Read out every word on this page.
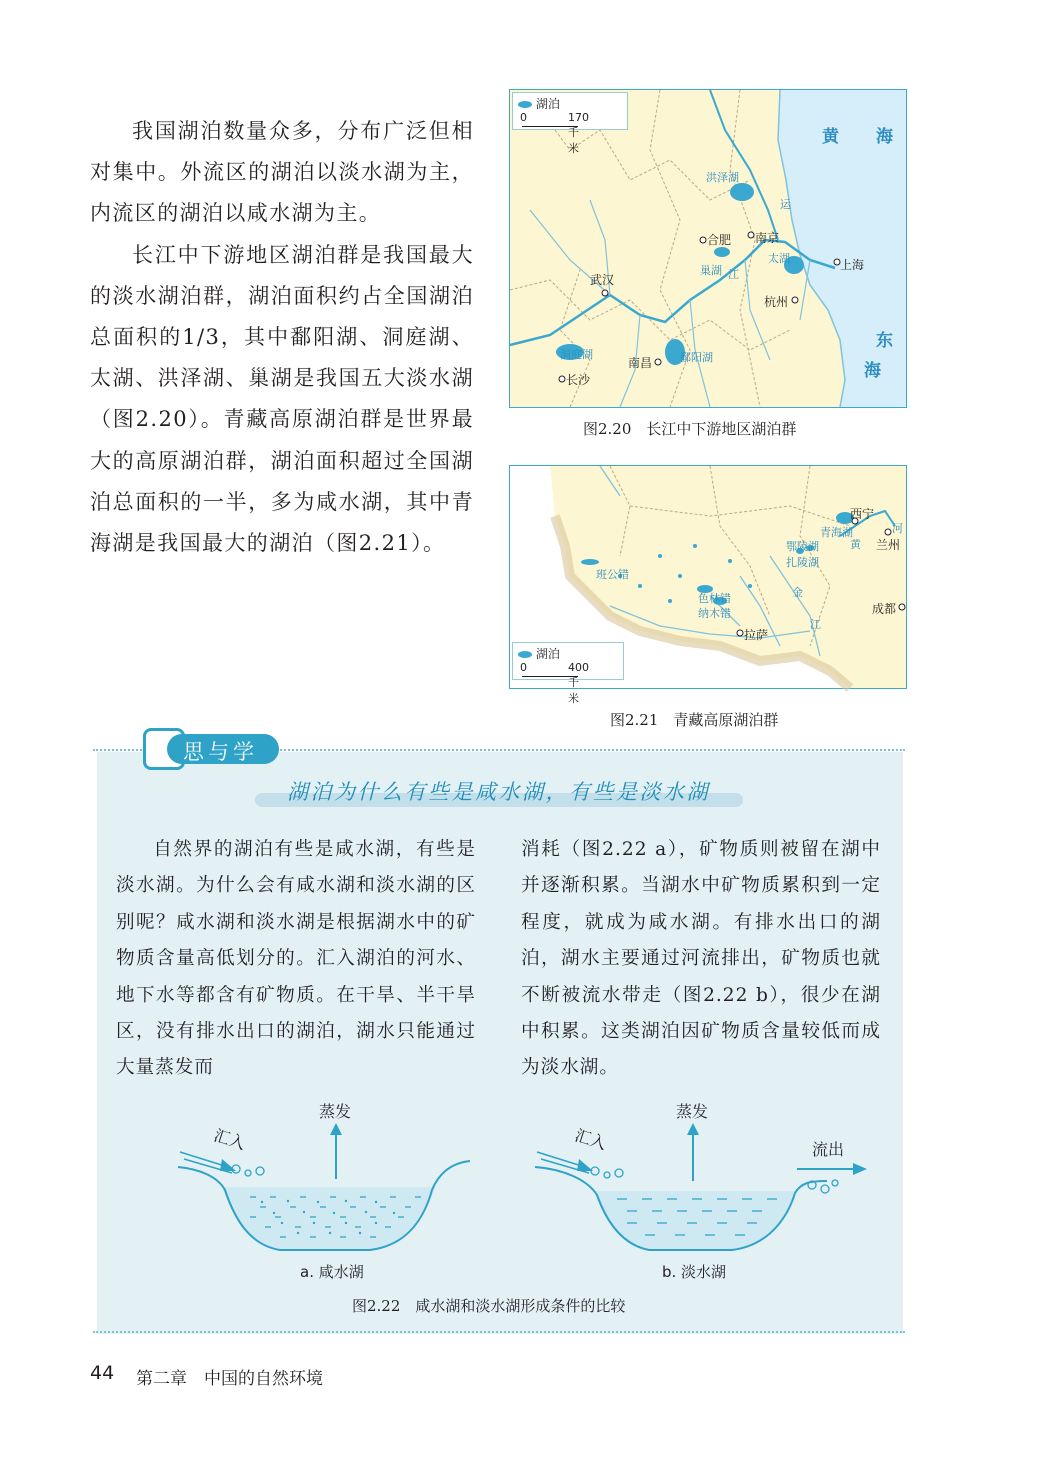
我国湖泊数量众多，分布广泛但相对集中。外流区的湖泊以淡水湖为主，内流区的湖泊以咸水湖为主。

长江中下游地区湖泊群是我国最大的淡水湖泊群，湖泊面积约占全国湖泊总面积的1/3，其中鄱阳湖、洞庭湖、太湖、洪泽湖、巢湖是我国五大淡水湖（图2.20）。青藏高原湖泊群是世界最大的高原湖泊群，湖泊面积超过全国湖泊总面积的一半，多为咸水湖，其中青海湖是我国最大的湖泊（图2.21）。

湖泊
0	170千米
黄 海
东
海
合肥 南京
上海
武汉
杭州
南昌
长沙
洪泽湖
巢湖
太湖
洞庭湖	鄱阳湖
运
江
图2.20　长江中下游地区湖泊群
西宁
兰州
成都
拉萨
青海湖
鄂陵湖
扎陵湖
班公错
色林错
纳木错
黄
河
金
江
湖泊
0	400千米
图2.21　青藏高原湖泊群
思与学
湖泊为什么有些是咸水湖，有些是淡水湖

自然界的湖泊有些是咸水湖，有些是淡水湖。为什么会有咸水湖和淡水湖的区别呢？咸水湖和淡水湖是根据湖水中的矿物质含量高低划分的。汇入湖泊的河水、地下水等都含有矿物质。在干旱、半干旱区，没有排水出口的湖泊，湖水只能通过大量蒸发而

消耗（图2.22 a），矿物质则被留在湖中并逐渐积累。当湖水中矿物质累积到一定程度，就成为咸水湖。有排水出口的湖泊，湖水主要通过河流排出，矿物质也就不断被流水带走（图2.22 b），很少在湖中积累。这类湖泊因矿物质含量较低而成为淡水湖。

汇入
蒸发
a. 咸水湖
汇入
蒸发
流出
b. 淡水湖
图2.22　咸水湖和淡水湖形成条件的比较
44 第二章　中国的自然环境
